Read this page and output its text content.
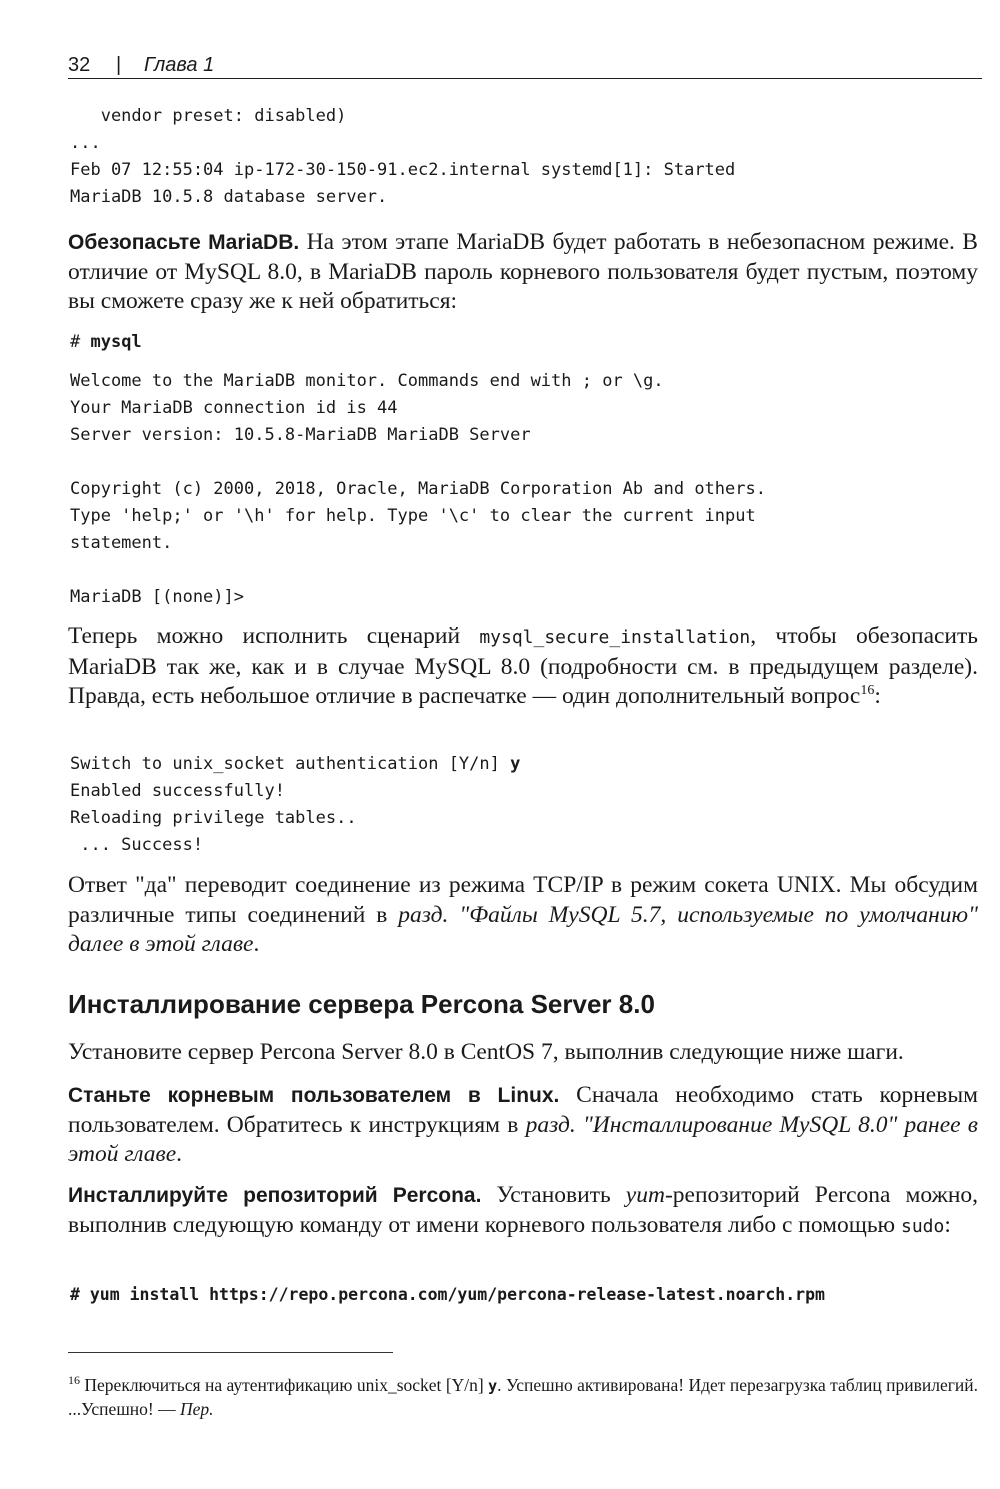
32 | Глава 1
vendor preset: disabled)
...
Feb 07 12:55:04 ip-172-30-150-91.ec2.internal systemd[1]: Started
MariaDB 10.5.8 database server.

Обезопасьте MariaDB. На этом этапе MariaDB будет работать в небезопасном режиме. В отличие от MySQL 8.0, в MariaDB пароль корневого пользователя будет пустым, поэтому вы сможете сразу же к ней обратиться:

# mysql
Welcome to the MariaDB monitor. Commands end with ; or \g.
Your MariaDB connection id is 44
Server version: 10.5.8-MariaDB MariaDB Server

Copyright (c) 2000, 2018, Oracle, MariaDB Corporation Ab and others.
Type 'help;' or '\h' for help. Type '\c' to clear the current input
statement.

MariaDB [(none)]>

Теперь можно исполнить сценарий mysql_secure_installation, чтобы обезопасить MariaDB так же, как и в случае MySQL 8.0 (подробности см. в предыдущем разделе). Правда, есть небольшое отличие в распечатке — один дополнительный вопрос$^{16}$:

Switch to unix_socket authentication [Y/n] y
Enabled successfully!
Reloading privilege tables..
... Success!

Ответ "да" переводит соединение из режима TCP/IP в режим сокета UNIX. Мы обсудим различные типы соединений в разд. "Файлы MySQL 5.7, используемые по умолчанию" далее в этой главе.

Инсталлирование сервера Percona Server 8.0

Установите сервер Percona Server 8.0 в CentOS 7, выполнив следующие ниже шаги.

Станьте корневым пользователем в Linux. Сначала необходимо стать корневым пользователем. Обратитесь к инструкциям в разд. "Инсталлирование MySQL 8.0" ранее в этой главе.

Инсталлируйте репозиторий Percona. Установить yum-репозиторий Percona можно, выполнив следующую команду от имени корневого пользователя либо с помощью sudo:

# yum install https://repo.percona.com/yum/percona-release-latest.noarch.rpm

$^{16}$ Переключиться на аутентификацию unix_socket [Y/n] y. Успешно активирована! Идет перезагрузка таблиц привилегий. ...Успешно! — Пер.
